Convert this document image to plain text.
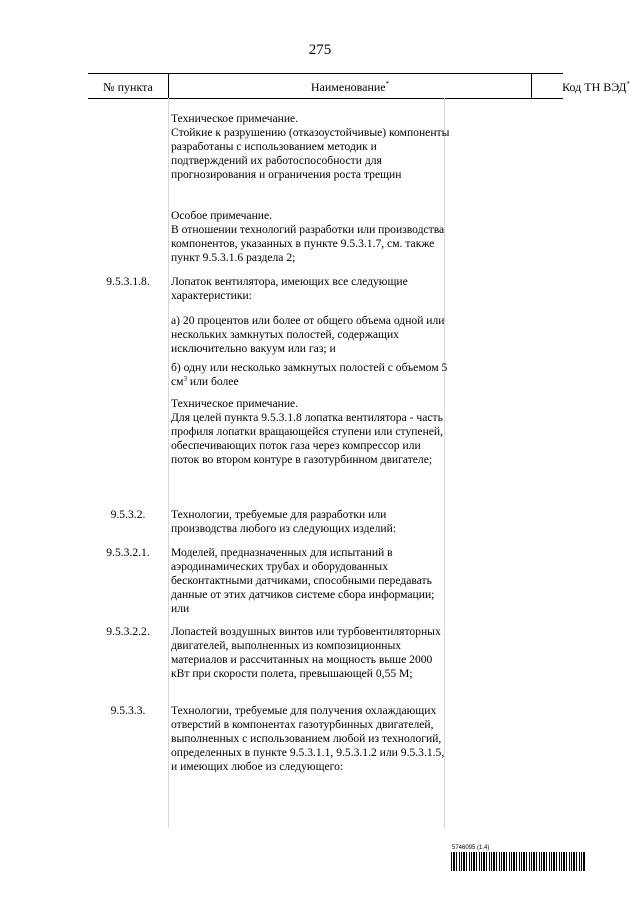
275
№ пункта	Наименование*	Код ТН ВЭД*

Техническое примечание.
Стойкие к разрушению (отказоустойчивые) компоненты разработаны с использованием методик и подтверждений их работоспособности для прогнозирования и ограничения роста трещин

Особое примечание.
В отношении технологий разработки или производства компонентов, указанных в пункте 9.5.3.1.7, см. также пункт 9.5.3.1.6 раздела 2;

9.5.3.1.8.	Лопаток вентилятора, имеющих все следующие характеристики:

а) 20 процентов или более от общего объема одной или нескольких замкнутых полостей, содержащих исключительно вакуум или газ; и

б) одну или несколько замкнутых полостей с объемом 5 $см^3$ или более

Техническое примечание.
Для целей пункта 9.5.3.1.8 лопатка вентилятора - часть профиля лопатки вращающейся ступени или ступеней, обеспечивающих поток газа через компрессор или поток во втором контуре в газотурбинном двигателе;

9.5.3.2.	Технологии, требуемые для разработки или производства любого из следующих изделий:

9.5.3.2.1.	Моделей, предназначенных для испытаний в аэродинамических трубах и оборудованных бесконтактными датчиками, способными передавать данные от этих датчиков системе сбора информации; или

9.5.3.2.2.	Лопастей воздушных винтов или турбовентиляторных двигателей, выполненных из композиционных материалов и рассчитанных на мощность выше 2000 кВт при скорости полета, превышающей 0,55 М;

9.5.3.3.	Технологии, требуемые для получения охлаждающих отверстий в компонентах газотурбинных двигателей, выполненных с использованием любой из технологий, определенных в пункте 9.5.3.1.1, 9.5.3.1.2 или 9.5.3.1.5, и имеющих любое из следующего:

5746095 (1.4)
